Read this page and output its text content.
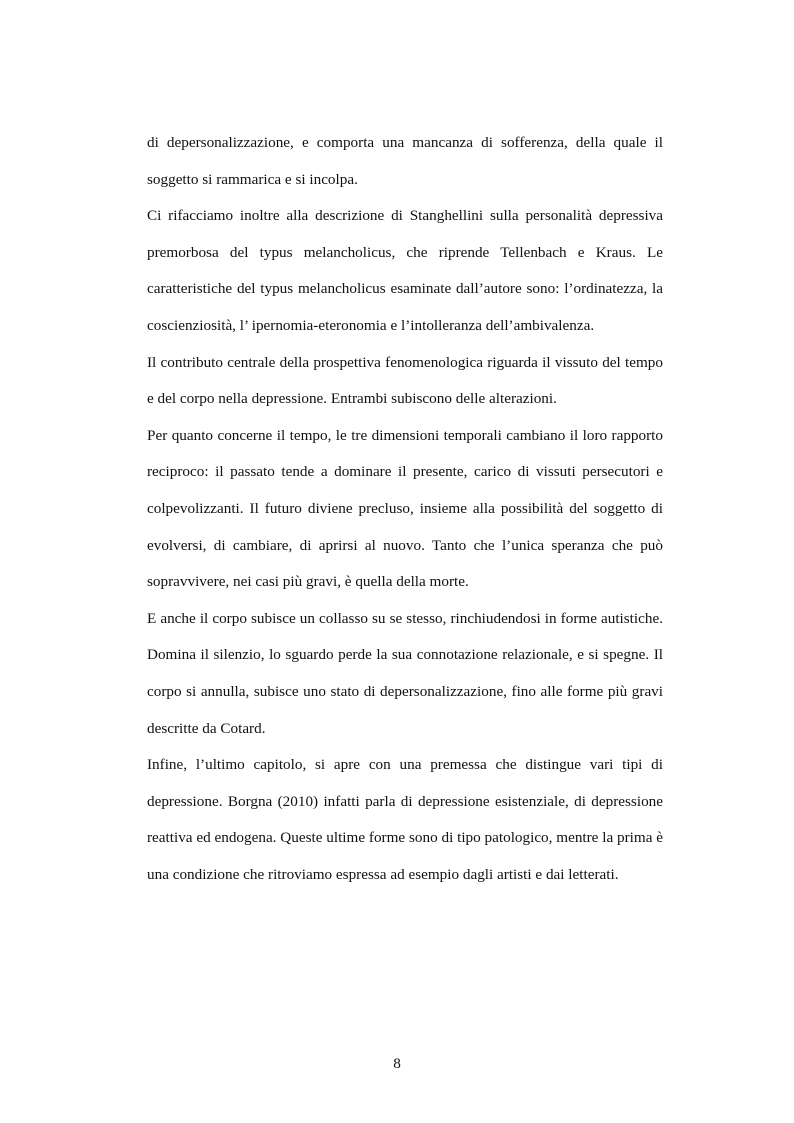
di depersonalizzazione, e comporta una mancanza di sofferenza, della quale il soggetto si rammarica e si incolpa.

Ci rifacciamo inoltre alla descrizione di Stanghellini sulla personalità depressiva premorbosa del typus melancholicus, che riprende Tellenbach e Kraus. Le caratteristiche del typus melancholicus esaminate dall’autore sono: l’ordinatezza, la coscienziosità, l’ ipernomia-eteronomia e l’intolleranza dell’ambivalenza.

Il contributo centrale della prospettiva fenomenologica riguarda il vissuto del tempo e del corpo nella depressione. Entrambi subiscono delle alterazioni.

Per quanto concerne il tempo, le tre dimensioni temporali cambiano il loro rapporto reciproco: il passato tende a dominare il presente, carico di vissuti persecutori e colpevolizzanti. Il futuro diviene precluso, insieme alla possibilità del soggetto di evolversi, di cambiare, di aprirsi al nuovo. Tanto che l’unica speranza che può sopravvivere, nei casi più gravi, è quella della morte.

E anche il corpo subisce un collasso su se stesso, rinchiudendosi in forme autistiche. Domina il silenzio, lo sguardo perde la sua connotazione relazionale, e si spegne. Il corpo si annulla, subisce uno stato di depersonalizzazione, fino alle forme più gravi descritte da Cotard.

Infine, l’ultimo capitolo, si apre con una premessa che distingue vari tipi di depressione. Borgna (2010) infatti parla di depressione esistenziale, di depressione reattiva ed endogena. Queste ultime forme sono di tipo patologico, mentre la prima è una condizione che ritroviamo espressa ad esempio dagli artisti e dai letterati.

8
